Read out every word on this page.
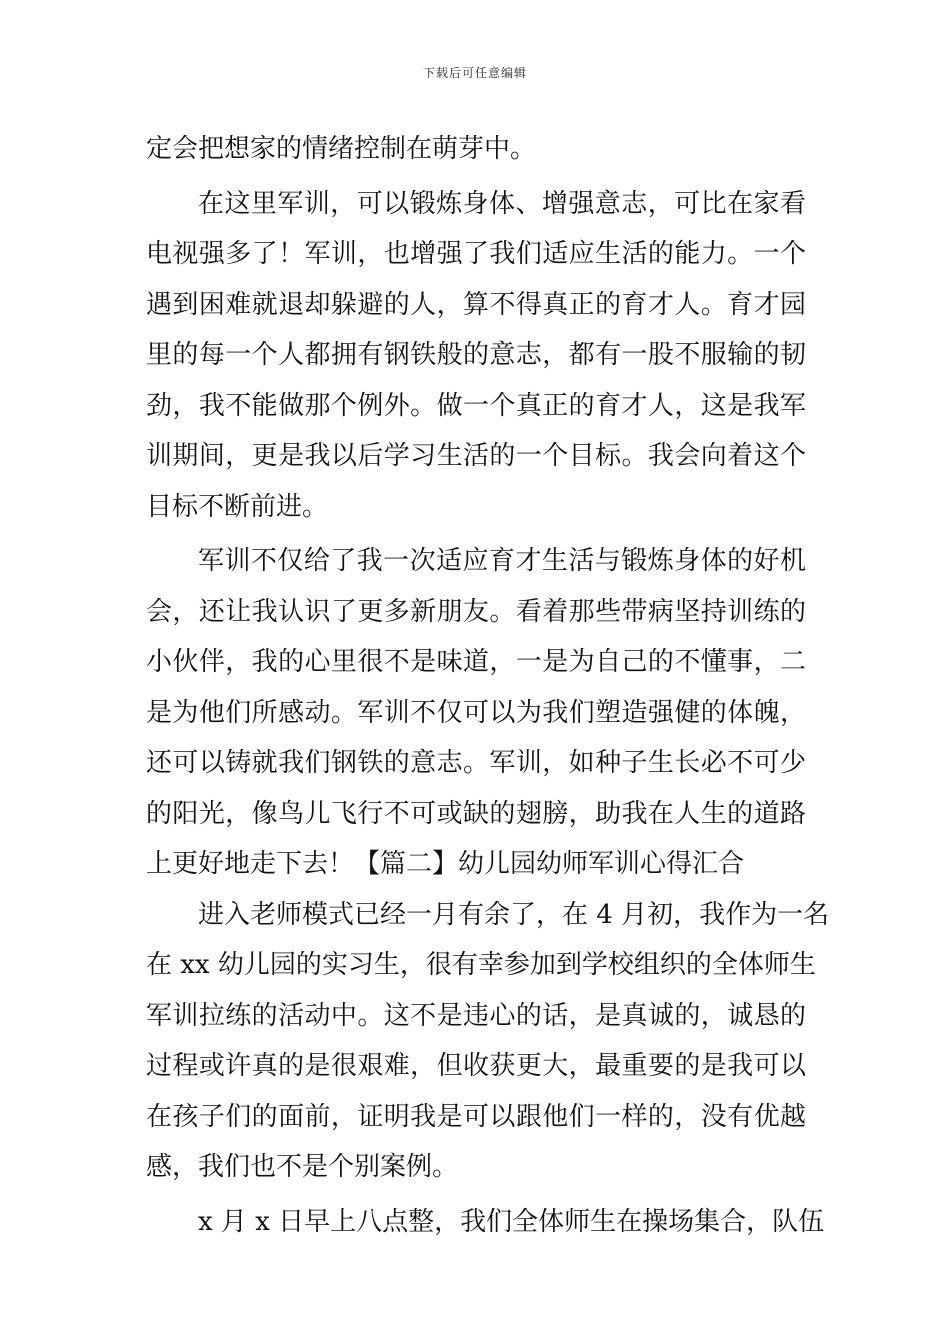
下载后可任意编辑
定会把想家的情绪控制在萌芽中。
在这里军训，可以锻炼身体、增强意志，可比在家看
电视强多了！军训，也增强了我们适应生活的能力。一个
遇到困难就退却躲避的人，算不得真正的育才人。育才园
里的每一个人都拥有钢铁般的意志，都有一股不服输的韧
劲，我不能做那个例外。做一个真正的育才人，这是我军
训期间，更是我以后学习生活的一个目标。我会向着这个
目标不断前进。
军训不仅给了我一次适应育才生活与锻炼身体的好机
会，还让我认识了更多新朋友。看着那些带病坚持训练的
小伙伴，我的心里很不是味道，一是为自己的不懂事，二
是为他们所感动。军训不仅可以为我们塑造强健的体魄，
还可以铸就我们钢铁的意志。军训，如种子生长必不可少
的阳光，像鸟儿飞行不可或缺的翅膀，助我在人生的道路
上更好地走下去！【篇二】幼儿园幼师军训心得汇合
进入老师模式已经一月有余了，在 4 月初，我作为一名
在 xx 幼儿园的实习生，很有幸参加到学校组织的全体师生
军训拉练的活动中。这不是违心的话，是真诚的，诚恳的
过程或许真的是很艰难，但收获更大，最重要的是我可以
在孩子们的面前，证明我是可以跟他们一样的，没有优越
感，我们也不是个别案例。
x 月 x 日早上八点整，我们全体师生在操场集合，队伍
